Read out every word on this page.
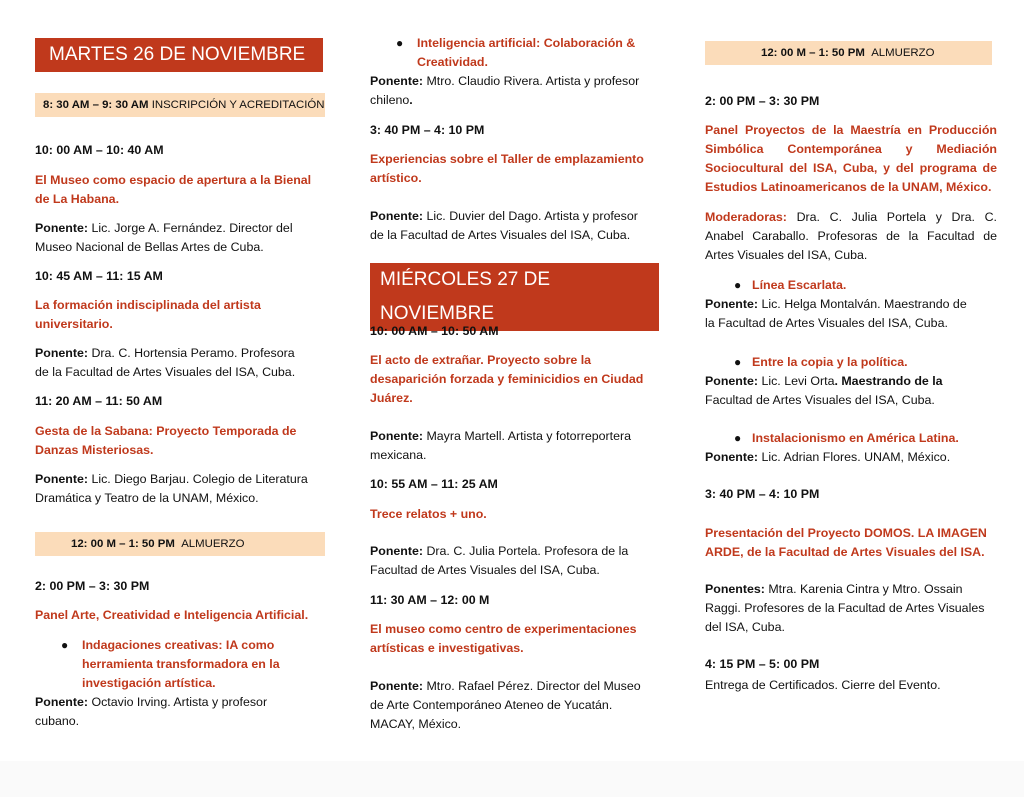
MARTES 26 DE NOVIEMBRE
8: 30 AM – 9: 30 AM INSCRIPCIÓN Y ACREDITACIÓN
10: 00 AM – 10: 40 AM
El Museo como espacio de apertura a la Bienal
de La Habana.
Ponente: Lic. Jorge A. Fernández. Director del
Museo Nacional de Bellas Artes de Cuba.
10: 45 AM – 11: 15 AM
La formación indisciplinada del artista
universitario.
Ponente: Dra. C. Hortensia Peramo. Profesora
de la Facultad de Artes Visuales del ISA, Cuba.
11: 20 AM – 11: 50 AM
Gesta de la Sabana: Proyecto Temporada de
Danzas Misteriosas.
Ponente: Lic. Diego Barjau. Colegio de Literatura
Dramática y Teatro de la UNAM, México.
12: 00 M – 1: 50 PM ALMUERZO
2: 00 PM – 3: 30 PM
Panel Arte, Creatividad e Inteligencia Artificial.
● Indagaciones creativas: IA como
herramienta transformadora en la
investigación artística.
Ponente: Octavio Irving. Artista y profesor
cubano.
● Inteligencia artificial: Colaboración &
Creatividad.
Ponente: Mtro. Claudio Rivera. Artista y profesor
chileno.
3: 40 PM – 4: 10 PM
Experiencias sobre el Taller de emplazamiento
artístico.
Ponente: Lic. Duvier del Dago. Artista y profesor
de la Facultad de Artes Visuales del ISA, Cuba.
MIÉRCOLES 27 DE NOVIEMBRE
10: 00 AM – 10: 50 AM
El acto de extrañar. Proyecto sobre la
desaparición forzada y feminicidios en Ciudad
Juárez.
Ponente: Mayra Martell. Artista y fotorreportera
mexicana.
10: 55 AM – 11: 25 AM
Trece relatos + uno.
Ponente: Dra. C. Julia Portela. Profesora de la
Facultad de Artes Visuales del ISA, Cuba.
11: 30 AM – 12: 00 M
El museo como centro de experimentaciones
artísticas e investigativas.
Ponente: Mtro. Rafael Pérez. Director del Museo
de Arte Contemporáneo Ateneo de Yucatán.
MACAY, México.
12: 00 M – 1: 50 PM ALMUERZO
2: 00 PM – 3: 30 PM
Panel Proyectos de la Maestría en Producción
Simbólica Contemporánea y Mediación
Sociocultural del ISA, Cuba, y del programa de
Estudios Latinoamericanos de la UNAM, México.
Moderadoras: Dra. C. Julia Portela y Dra. C.
Anabel Caraballo. Profesoras de la Facultad de
Artes Visuales del ISA, Cuba.
● Línea Escarlata.
Ponente: Lic. Helga Montalván. Maestrando de
la Facultad de Artes Visuales del ISA, Cuba.
● Entre la copia y la política.
Ponente: Lic. Levi Orta. Maestrando de la
Facultad de Artes Visuales del ISA, Cuba.
● Instalacionismo en América Latina.
Ponente: Lic. Adrian Flores. UNAM, México.
3: 40 PM – 4: 10 PM
Presentación del Proyecto DOMOS. LA IMAGEN
ARDE, de la Facultad de Artes Visuales del ISA.
Ponentes: Mtra. Karenia Cintra y Mtro. Ossain
Raggi. Profesores de la Facultad de Artes Visuales
del ISA, Cuba.
4: 15 PM – 5: 00 PM
Entrega de Certificados. Cierre del Evento.
